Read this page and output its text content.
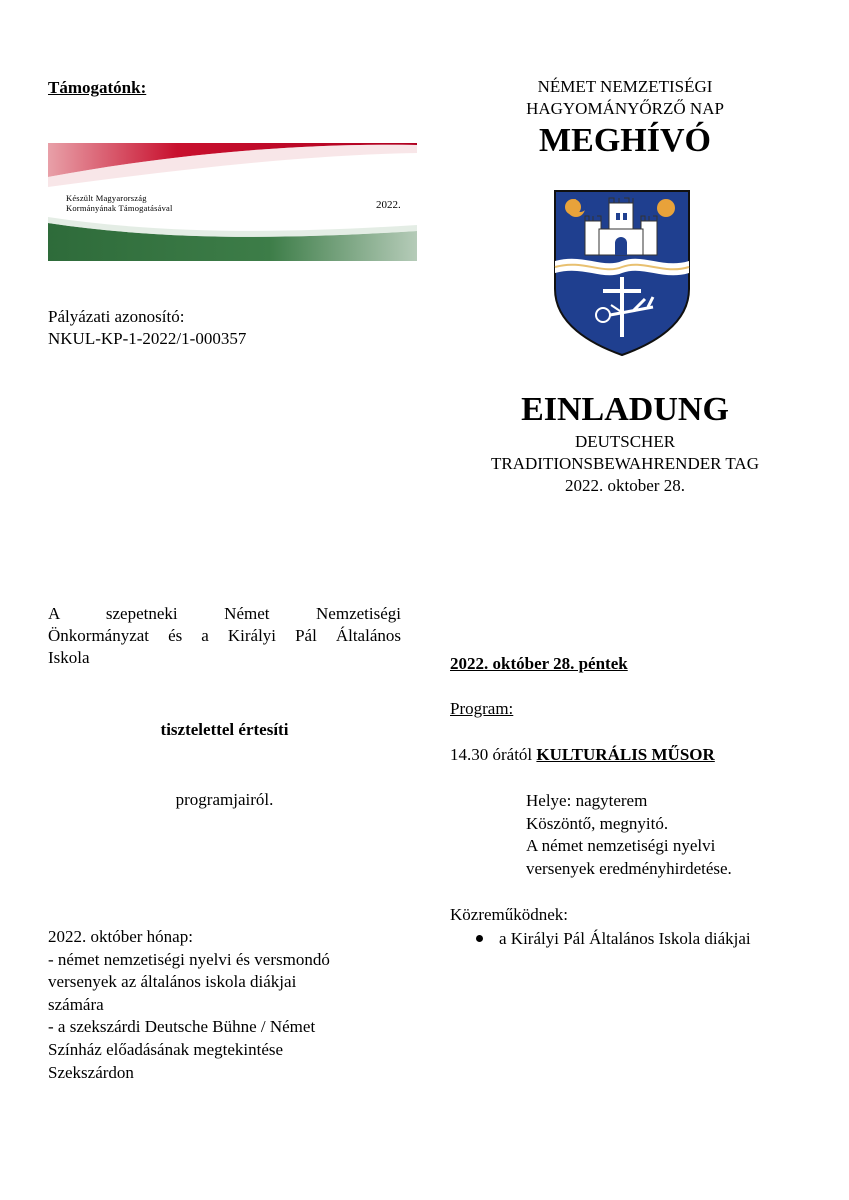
Támogatónk:
Készült Magyarország
Kormányának Támogatásával	2022.
Pályázati azonosító:
NKUL-KP-1-2022/1-000357
A szepetneki Német Nemzetiségi
Önkormányzat és a Királyi Pál Általános
Iskola
tisztelettel értesíti
programjairól.
2022. október hónap:
- német nemzetiségi nyelvi és versmondó
versenyek az általános iskola diákjai
számára
- a szekszárdi Deutsche Bühne / Német
Színház előadásának megtekintése
Szekszárdon
NÉMET NEMZETISÉGI
HAGYOMÁNYŐRZŐ NAP
MEGHÍVÓ
EINLADUNG
DEUTSCHER
TRADITIONSBEWAHRENDER TAG
2022. oktober 28.
2022. október 28. péntek
Program:
14.30 órától KULTURÁLIS MŰSOR
Helye: nagyterem
Köszöntő, megnyitó.
A német nemzetiségi nyelvi
versenyek eredményhirdetése.
Közreműködnek:
a Királyi Pál Általános Iskola diákjai
